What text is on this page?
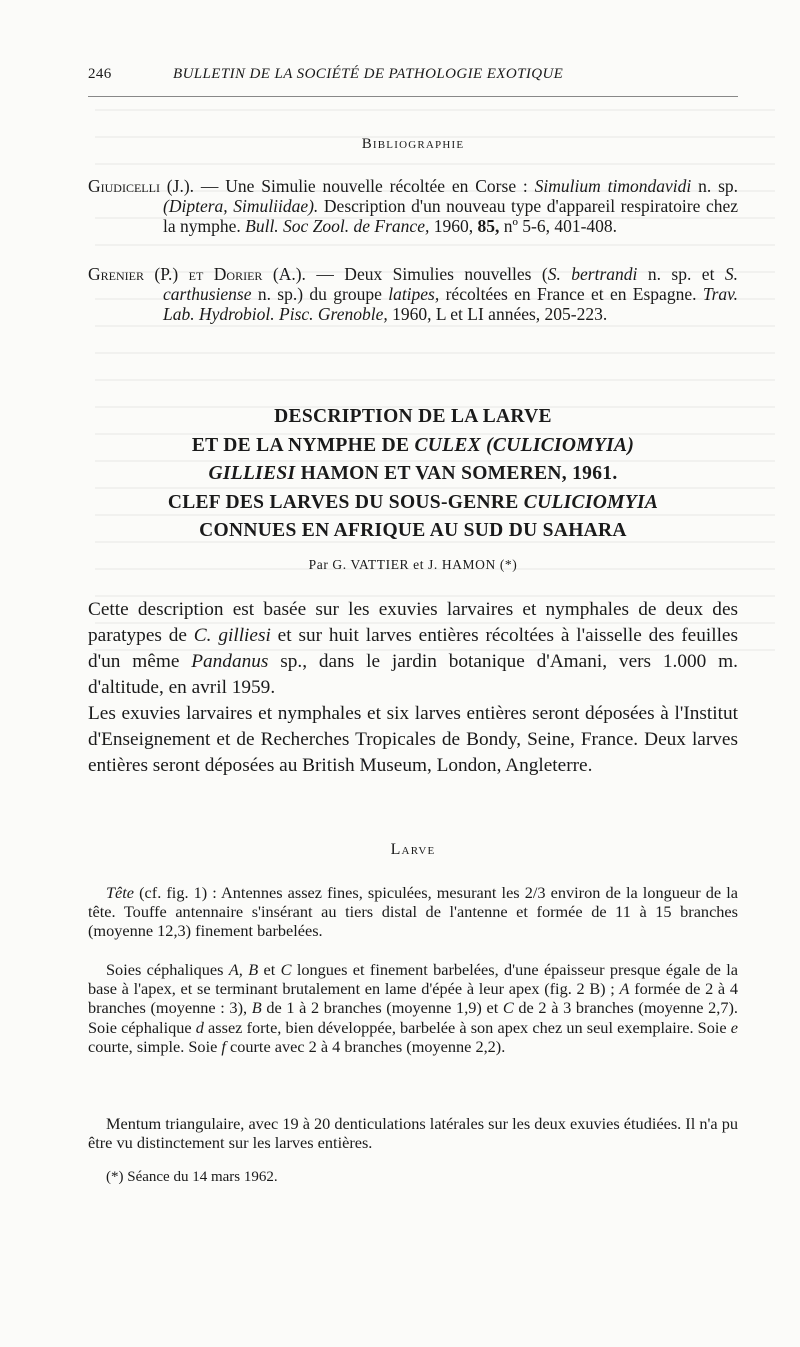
246	BULLETIN DE LA SOCIÉTÉ DE PATHOLOGIE EXOTIQUE
Bibliographie
Giudicelli (J.). — Une Simulie nouvelle récoltée en Corse : Simulium timondavidi n. sp. (Diptera, Simuliidae). Description d'un nouveau type d'appareil respiratoire chez la nymphe. Bull. Soc Zool. de France, 1960, 85, nº 5-6, 401-408.
Grenier (P.) et Dorier (A.). — Deux Simulies nouvelles (S. bertrandi n. sp. et S. carthusiense n. sp.) du groupe latipes, récoltées en France et en Espagne. Trav. Lab. Hydrobiol. Pisc. Grenoble, 1960, L et LI années, 205-223.
DESCRIPTION DE LA LARVE
ET DE LA NYMPHE DE CULEX (CULICIOMYIA)
GILLIESI HAMON ET VAN SOMEREN, 1961.
CLEF DES LARVES DU SOUS-GENRE CULICIOMYIA
CONNUES EN AFRIQUE AU SUD DU SAHARA
Par G. VATTIER et J. HAMON (*)
Cette description est basée sur les exuvies larvaires et nymphales de deux des paratypes de C. gilliesi et sur huit larves entières récoltées à l'aisselle des feuilles d'un même Pandanus sp., dans le jardin botanique d'Amani, vers 1.000 m. d'altitude, en avril 1959.
Les exuvies larvaires et nymphales et six larves entières seront déposées à l'Institut d'Enseignement et de Recherches Tropicales de Bondy, Seine, France. Deux larves entières seront déposées au British Museum, London, Angleterre.
Larve
Tête (cf. fig. 1) : Antennes assez fines, spiculées, mesurant les 2/3 environ de la longueur de la tête. Touffe antennaire s'insérant au tiers distal de l'antenne et formée de 11 à 15 branches (moyenne 12,3) finement barbelées.
Soies céphaliques A, B et C longues et finement barbelées, d'une épaisseur presque égale de la base à l'apex, et se terminant brutalement en lame d'épée à leur apex (fig. 2 B) ; A formée de 2 à 4 branches (moyenne : 3), B de 1 à 2 branches (moyenne 1,9) et C de 2 à 3 branches (moyenne 2,7). Soie céphalique d assez forte, bien développée, barbelée à son apex chez un seul exemplaire. Soie e courte, simple. Soie f courte avec 2 à 4 branches (moyenne 2,2).
Mentum triangulaire, avec 19 à 20 denticulations latérales sur les deux exuvies étudiées. Il n'a pu être vu distinctement sur les larves entières.
(*) Séance du 14 mars 1962.
